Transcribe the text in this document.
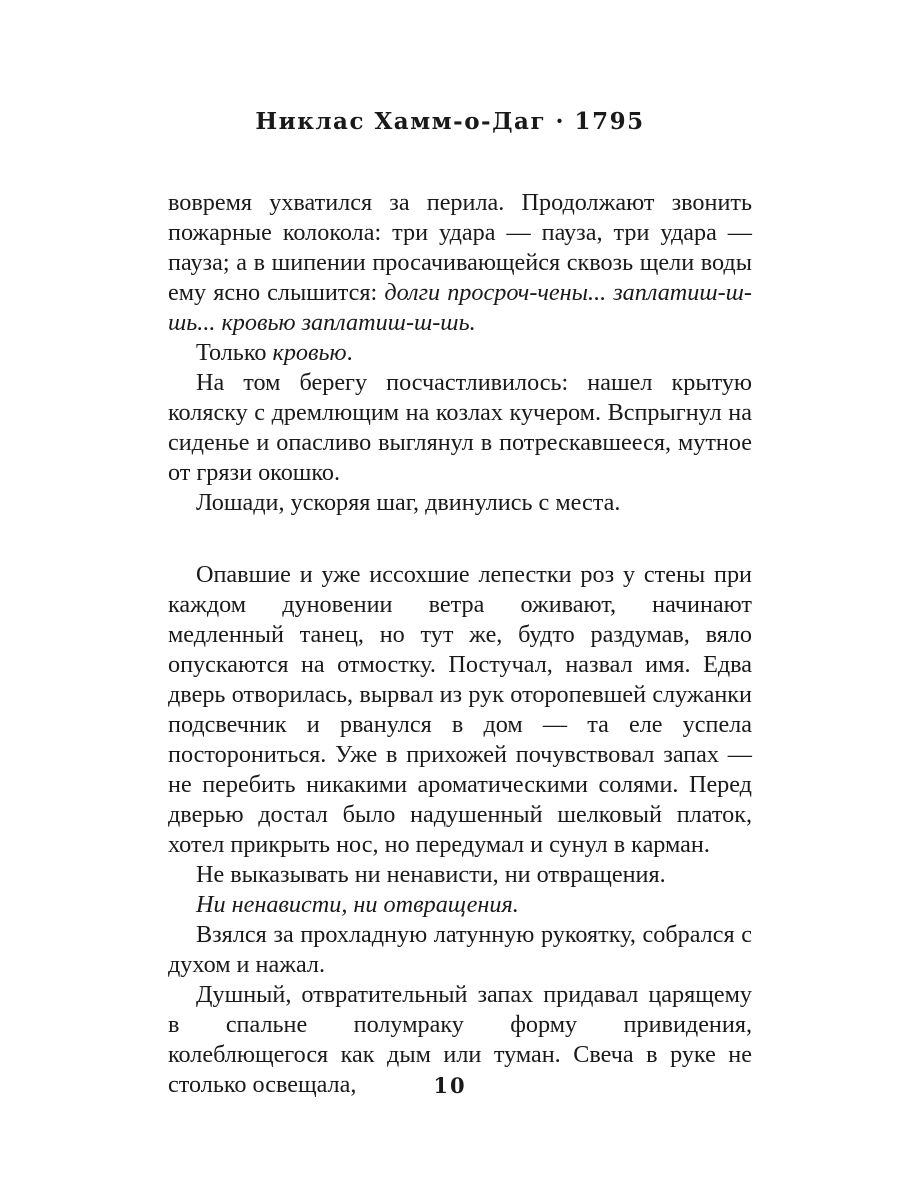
Никлас Хамм-о-Даг · 1795

вовремя ухватился за перила. Продолжают звонить пожарные колокола: три удара — пауза, три удара — пауза; а в шипении просачивающейся сквозь щели воды ему ясно слышится: долги просроч-чены... заплатиш-ш-шь... кровью заплатиш-ш-шь.

Только кровью.

На том берегу посчастливилось: нашел крытую коляску с дремлющим на козлах кучером. Вспрыгнул на сиденье и опасливо выглянул в потрескавшееся, мутное от грязи окошко.

Лошади, ускоряя шаг, двинулись с места.

Опавшие и уже иссохшие лепестки роз у стены при каждом дуновении ветра оживают, начинают медленный танец, но тут же, будто раздумав, вяло опускаются на отмостку. Постучал, назвал имя. Едва дверь отворилась, вырвал из рук оторопевшей служанки подсвечник и рванулся в дом — та еле успела посторониться. Уже в прихожей почувствовал запах — не перебить никакими ароматическими солями. Перед дверью достал было надушенный шелковый платок, хотел прикрыть нос, но передумал и сунул в карман.

Не выказывать ни ненависти, ни отвращения.

Ни ненависти, ни отвращения.

Взялся за прохладную латунную рукоятку, собрался с духом и нажал.

Душный, отвратительный запах придавал царящему в спальне полумраку форму привидения, колеблющегося как дым или туман. Свеча в руке не столько освещала,	10
